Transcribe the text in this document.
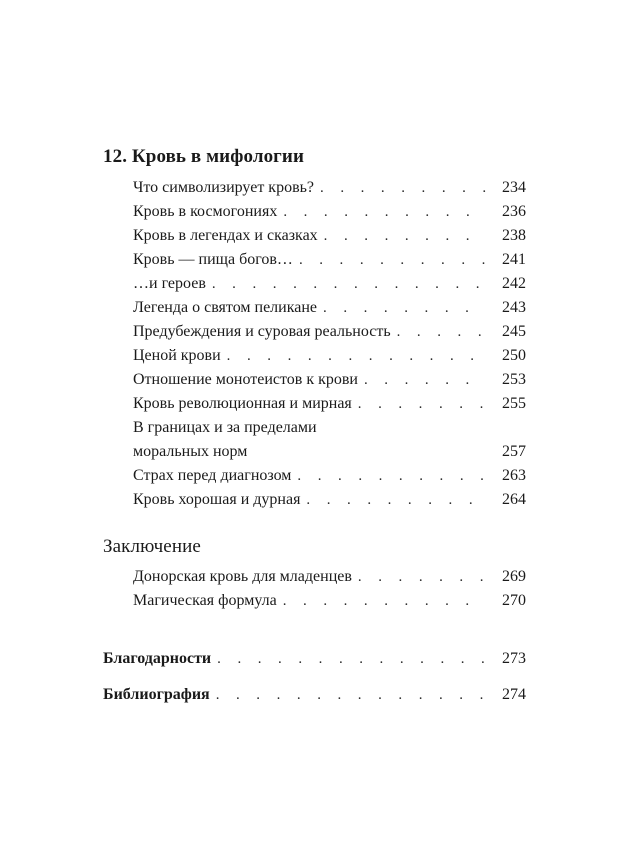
12. Кровь в мифологии
Что символизирует кровь? . . .	234
Кровь в космогониях . . .	236
Кровь в легендах и сказках . . .	238
Кровь — пища богов… . . .	241
…и героев . . .	242
Легенда о святом пеликане . . .	243
Предубеждения и суровая реальность . . .	245
Ценой крови . . .	250
Отношение монотеистов к крови . . .	253
Кровь революционная и мирная . . .	255
В границах и за пределами
моральных норм	257
Страх перед диагнозом . . .	263
Кровь хорошая и дурная . . .	264
Заключение
Донорская кровь для младенцев . . .	269
Магическая формула . . .	270
Благодарности . . .	273
Библиография . . .	274
